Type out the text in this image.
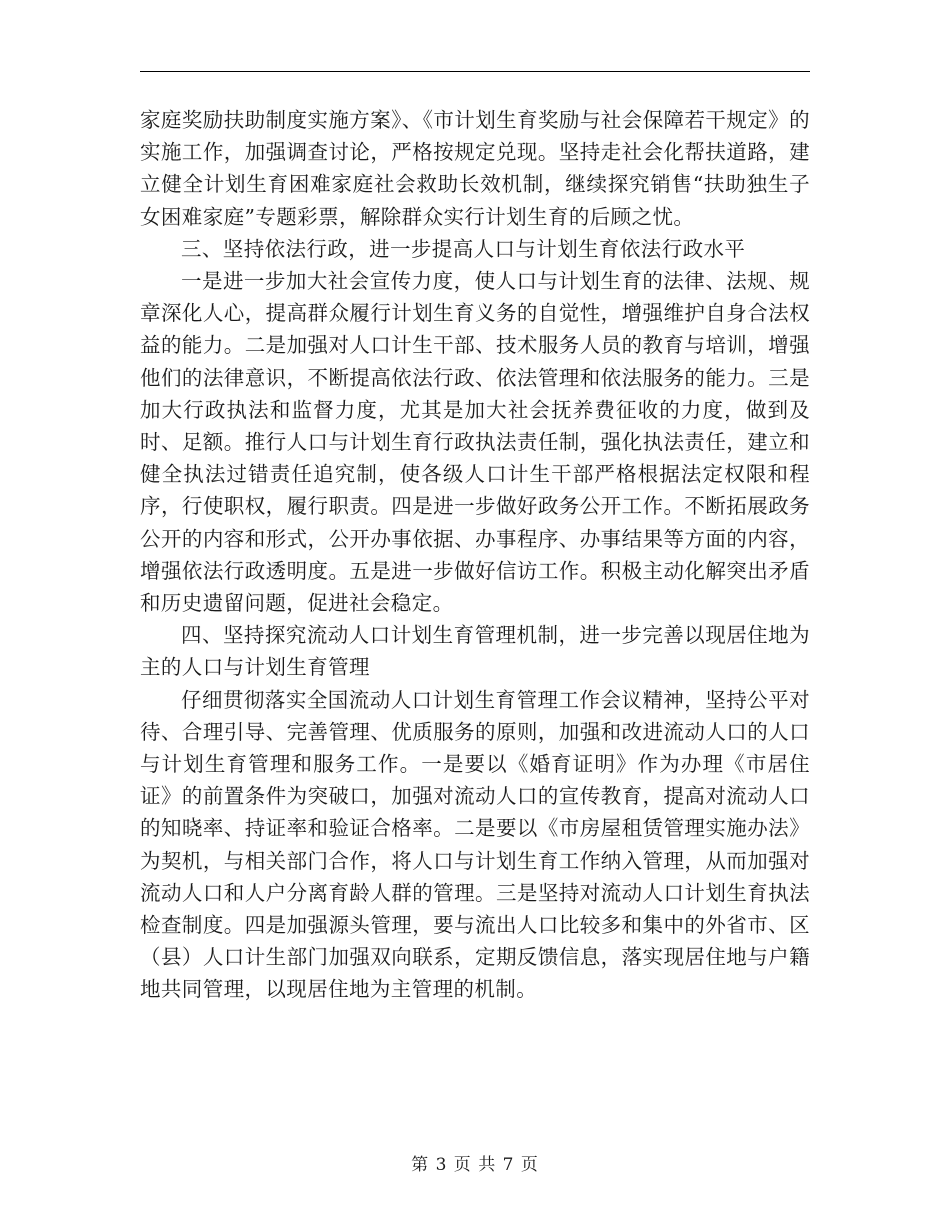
家庭奖励扶助制度实施方案》、《市计划生育奖励与社会保障若干规定》的实施工作，加强调查讨论，严格按规定兑现。坚持走社会化帮扶道路，建立健全计划生育困难家庭社会救助长效机制，继续探究销售“扶助独生子女困难家庭”专题彩票，解除群众实行计划生育的后顾之忧。

三、坚持依法行政，进一步提高人口与计划生育依法行政水平

一是进一步加大社会宣传力度，使人口与计划生育的法律、法规、规章深化人心，提高群众履行计划生育义务的自觉性，增强维护自身合法权益的能力。二是加强对人口计生干部、技术服务人员的教育与培训，增强他们的法律意识，不断提高依法行政、依法管理和依法服务的能力。三是加大行政执法和监督力度，尤其是加大社会抚养费征收的力度，做到及时、足额。推行人口与计划生育行政执法责任制，强化执法责任，建立和健全执法过错责任追究制，使各级人口计生干部严格根据法定权限和程序，行使职权，履行职责。四是进一步做好政务公开工作。不断拓展政务公开的内容和形式，公开办事依据、办事程序、办事结果等方面的内容，增强依法行政透明度。五是进一步做好信访工作。积极主动化解突出矛盾和历史遗留问题，促进社会稳定。

四、坚持探究流动人口计划生育管理机制，进一步完善以现居住地为主的人口与计划生育管理

仔细贯彻落实全国流动人口计划生育管理工作会议精神，坚持公平对待、合理引导、完善管理、优质服务的原则，加强和改进流动人口的人口与计划生育管理和服务工作。一是要以《婚育证明》作为办理《市居住证》的前置条件为突破口，加强对流动人口的宣传教育，提高对流动人口的知晓率、持证率和验证合格率。二是要以《市房屋租赁管理实施办法》为契机，与相关部门合作，将人口与计划生育工作纳入管理，从而加强对流动人口和人户分离育龄人群的管理。三是坚持对流动人口计划生育执法检查制度。四是加强源头管理，要与流出人口比较多和集中的外省市、区（县）人口计生部门加强双向联系，定期反馈信息，落实现居住地与户籍地共同管理，以现居住地为主管理的机制。

第 3 页 共 7 页
